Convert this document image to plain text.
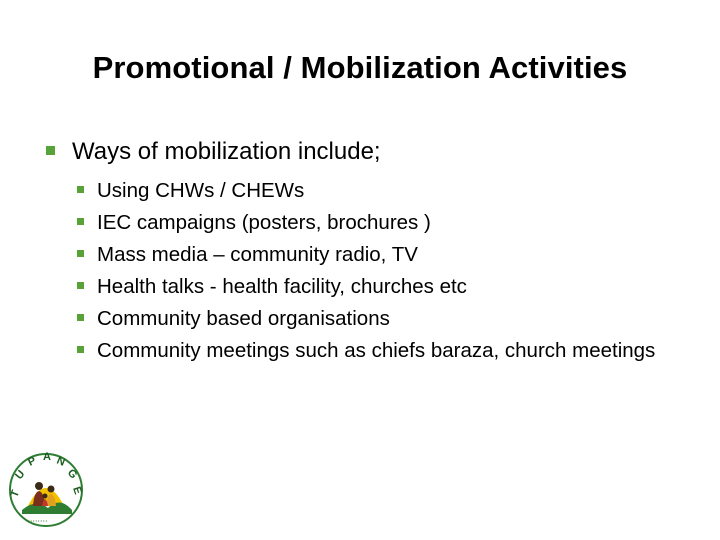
Promotional / Mobilization Activities
Ways of mobilization include;
Using CHWs / CHEWs
IEC campaigns (posters, brochures )
Mass media – community radio, TV
Health talks - health facility, churches etc
Community based organisations
Community meetings such as chiefs baraza, church meetings
T
U
P A N
G
E
• • • • • • • •
